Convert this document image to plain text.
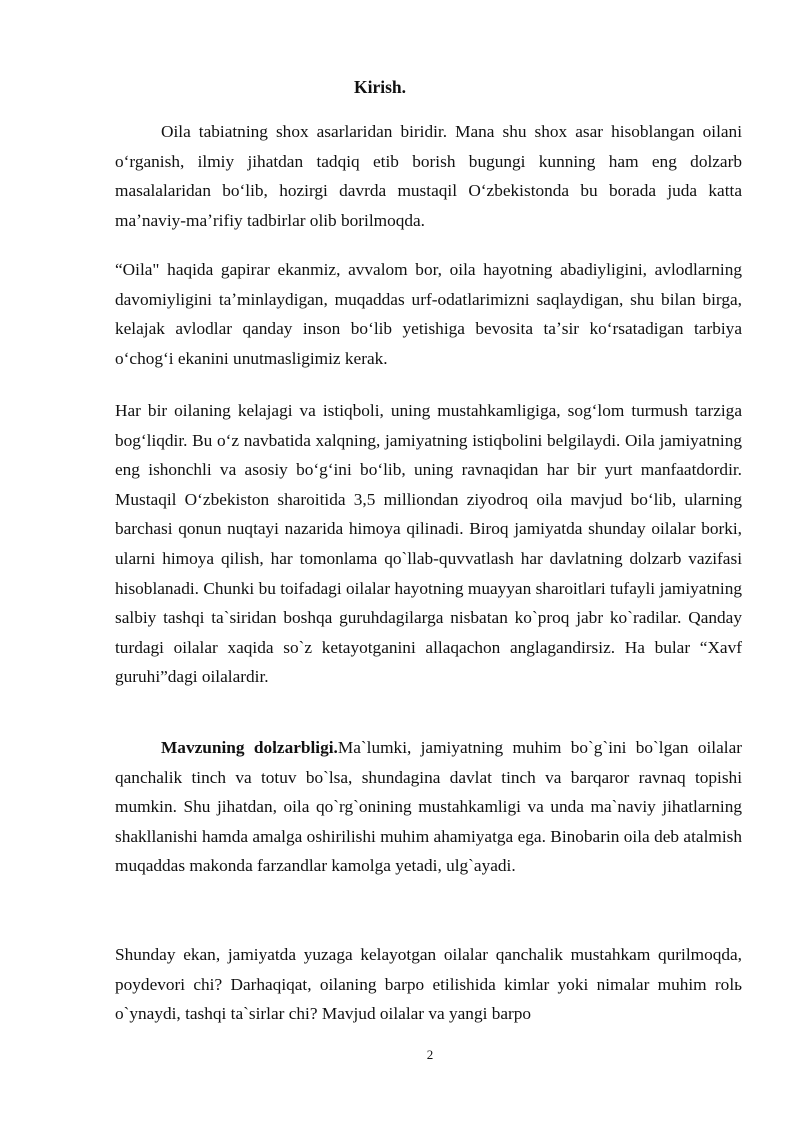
Kirish.

Oila tabiatning shox asarlaridan biridir. Mana shu shox asar hisoblangan oilani oʻrganish, ilmiy jihatdan tadqiq etib borish bugungi kunning ham eng dolzarb masalalaridan boʻlib, hozirgi davrda mustaqil Oʻzbekistonda bu borada juda katta maʼnaviy-maʼrifiy tadbirlar olib borilmoqda.

“Oila" haqida gapirar ekanmiz, avvalom bor, oila hayotning abadiyligini, avlodlarning davomiyligini taʼminlaydigan, muqaddas urf-odatlarimizni saqlaydigan, shu bilan birga, kelajak avlodlar qanday inson boʻlib yetishiga bevosita taʼsir koʻrsatadigan tarbiya oʻchogʻi ekanini unutmasligimiz kerak.

Har bir oilaning kelajagi va istiqboli, uning mustahkamligiga, sogʻlom turmush tarziga bogʻliqdir. Bu oʻz navbatida xalqning, jamiyatning istiqbolini belgilaydi. Oila jamiyatning eng ishonchli va asosiy boʻgʻini boʻlib, uning ravnaqidan har bir yurt manfaatdordir. Mustaqil Oʻzbekiston sharoitida 3,5 milliondan ziyodroq oila mavjud boʻlib, ularning barchasi qonun nuqtayi nazarida himoya qilinadi. Biroq jamiyatda shunday oilalar borki, ularni himoya qilish, har tomonlama qo`llab-quvvatlash har davlatning dolzarb vazifasi hisoblanadi. Chunki bu toifadagi oilalar hayotning muayyan sharoitlari tufayli jamiyatning salbiy tashqi ta`siridan boshqa guruhdagilarga nisbatan ko`proq jabr ko`radilar. Qanday turdagi oilalar xaqida so`z ketayotganini allaqachon anglagandirsiz. Ha bular “Xavf guruhi”dagi oilalardir.

Mavzuning dolzarbligi.Ma`lumki, jamiyatning muhim bo`g`ini bo`lgan oilalar qanchalik tinch va totuv bo`lsa, shundagina davlat tinch va barqaror ravnaq topishi mumkin. Shu jihatdan, oila qo`rg`onining mustahkamligi va unda ma`naviy jihatlarning shakllanishi hamda amalga oshirilishi muhim ahamiyatga ega. Binobarin oila deb atalmish muqaddas makonda farzandlar kamolga yetadi, ulg`ayadi.

Shunday ekan, jamiyatda yuzaga kelayotgan oilalar qanchalik mustahkam qurilmoqda, poydevori chi? Darhaqiqat, oilaning barpo etilishida kimlar yoki nimalar muhim rolь o`ynaydi, tashqi ta`sirlar chi? Mavjud oilalar va yangi barpo

2
